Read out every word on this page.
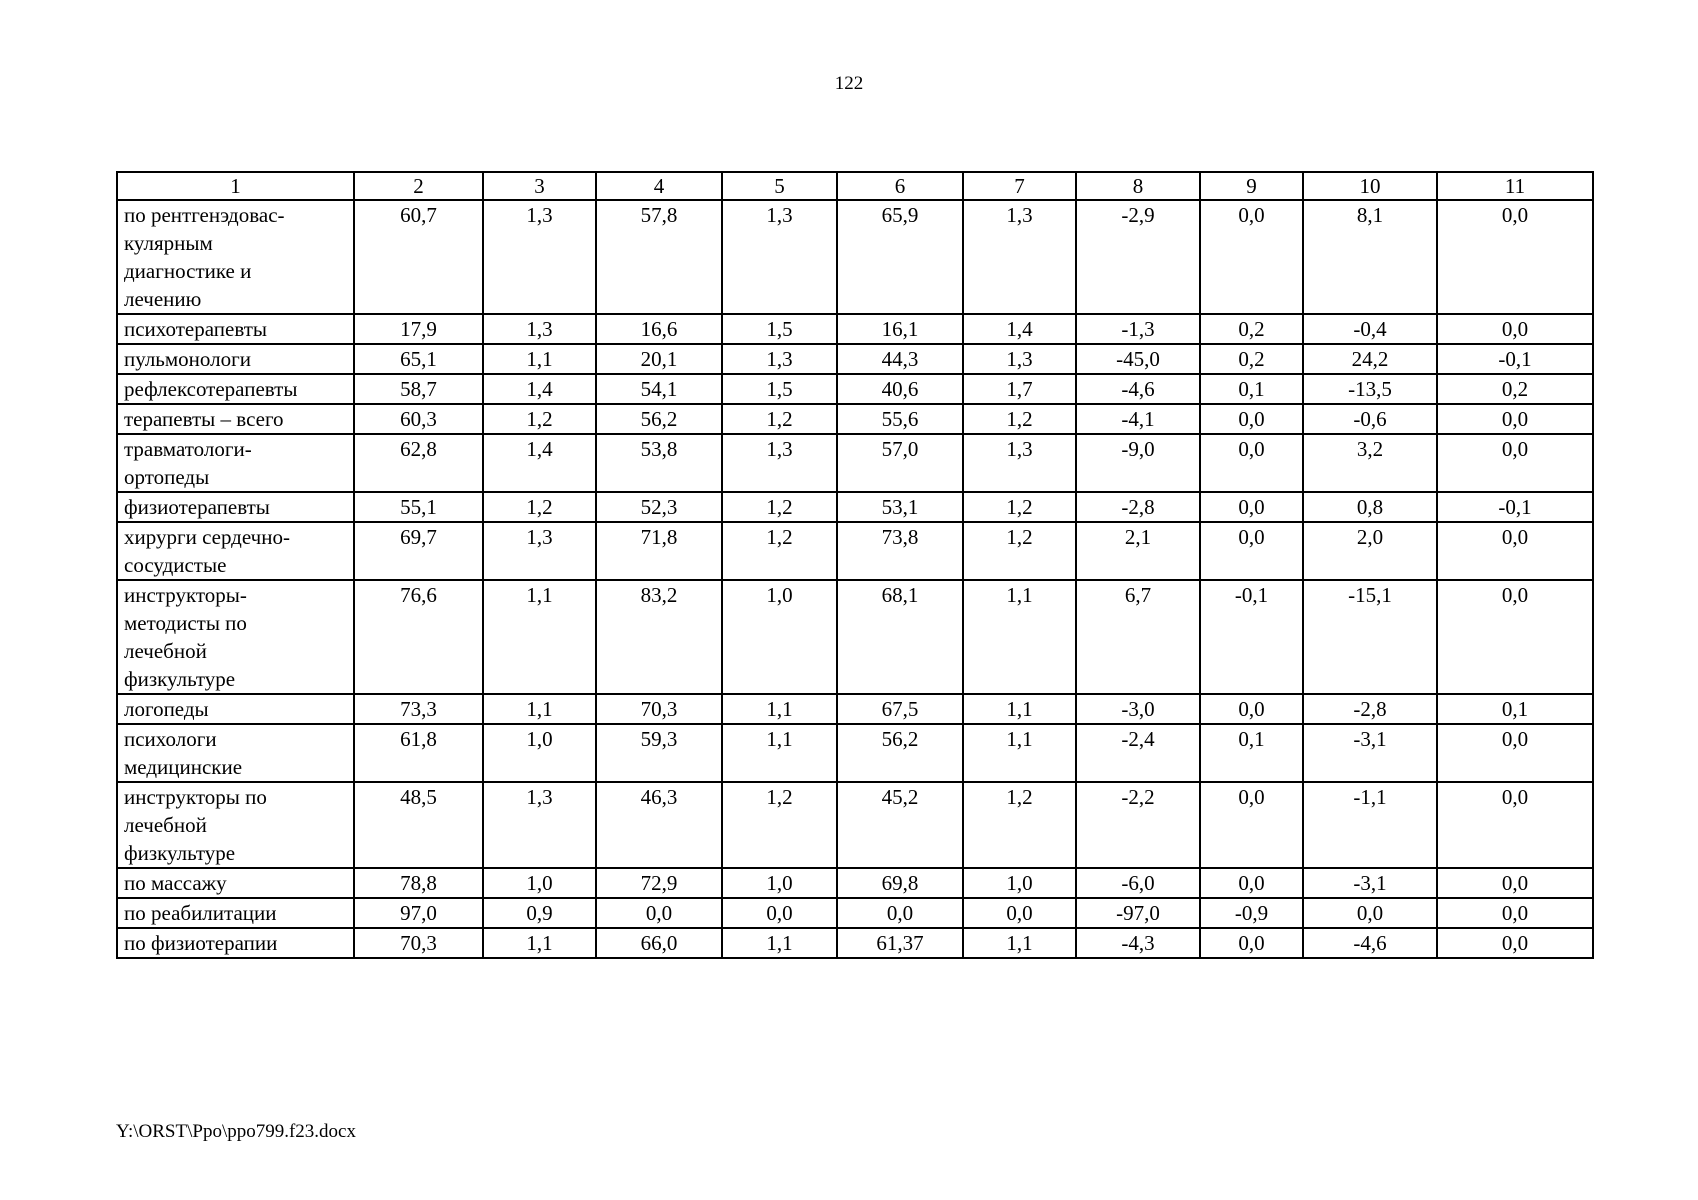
122
1	2	3	4	5	6	7	8	9	10	11

по рентгенэдовас-
кулярным
диагностике и
лечению	60,7	1,3	57,8	1,3	65,9	1,3	-2,9	0,0	8,1	0,0

психотерапевты	17,9	1,3	16,6	1,5	16,1	1,4	-1,3	0,2	-0,4	0,0

пульмонологи	65,1	1,1	20,1	1,3	44,3	1,3	-45,0	0,2	24,2	-0,1

рефлексотерапевты	58,7	1,4	54,1	1,5	40,6	1,7	-4,6	0,1	-13,5	0,2

терапевты – всего	60,3	1,2	56,2	1,2	55,6	1,2	-4,1	0,0	-0,6	0,0

травматологи-
ортопеды	62,8	1,4	53,8	1,3	57,0	1,3	-9,0	0,0	3,2	0,0

физиотерапевты	55,1	1,2	52,3	1,2	53,1	1,2	-2,8	0,0	0,8	-0,1

хирурги сердечно-
сосудистые	69,7	1,3	71,8	1,2	73,8	1,2	2,1	0,0	2,0	0,0

инструкторы-
методисты по
лечебной
физкультуре	76,6	1,1	83,2	1,0	68,1	1,1	6,7	-0,1	-15,1	0,0

логопеды	73,3	1,1	70,3	1,1	67,5	1,1	-3,0	0,0	-2,8	0,1

психологи
медицинские	61,8	1,0	59,3	1,1	56,2	1,1	-2,4	0,1	-3,1	0,0

инструкторы по
лечебной
физкультуре	48,5	1,3	46,3	1,2	45,2	1,2	-2,2	0,0	-1,1	0,0

по массажу	78,8	1,0	72,9	1,0	69,8	1,0	-6,0	0,0	-3,1	0,0

по реабилитации	97,0	0,9	0,0	0,0	0,0	0,0	-97,0	-0,9	0,0	0,0

по физиотерапии	70,3	1,1	66,0	1,1	61,37	1,1	-4,3	0,0	-4,6	0,0
Y:\ORST\Ppo\ppo799.f23.docx
